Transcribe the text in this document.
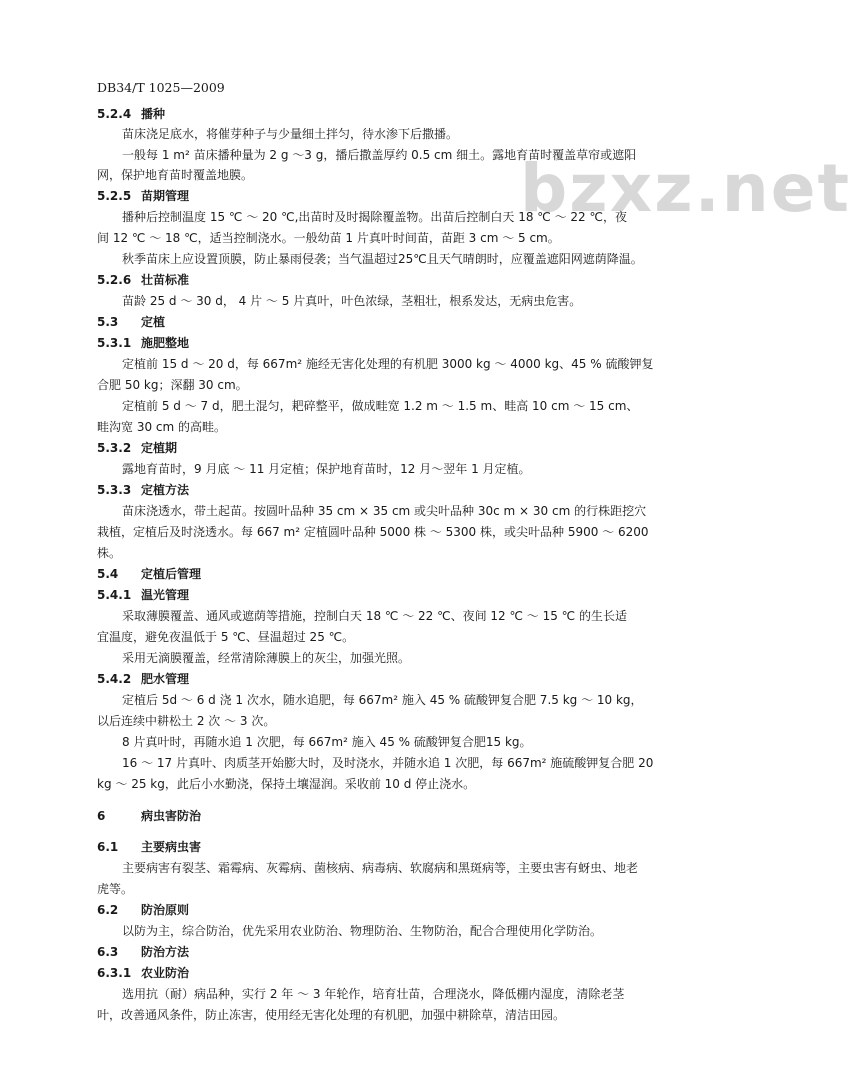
bzxz.net
DB34/T 1025—2009
5.2.4 播种
苗床浇足底水，将催芽种子与少量细土拌匀，待水渗下后撒播。
一般每 1 m² 苗床播种量为 2 g ～3 g，播后撒盖厚约 0.5 cm 细土。露地育苗时覆盖草帘或遮阳
网，保护地育苗时覆盖地膜。
5.2.5 苗期管理
播种后控制温度 15 ℃ ～ 20 ℃,出苗时及时揭除覆盖物。出苗后控制白天 18 ℃ ～ 22 ℃，夜
间 12 ℃ ～ 18 ℃，适当控制浇水。一般幼苗 1 片真叶时间苗，苗距 3 cm ～ 5 cm。
秋季苗床上应设置顶膜，防止暴雨侵袭；当气温超过25℃且天气晴朗时，应覆盖遮阳网遮荫降温。
5.2.6 壮苗标准
苗龄 25 d ～ 30 d， 4 片 ～ 5 片真叶，叶色浓绿，茎粗壮，根系发达，无病虫危害。
5.3 定植
5.3.1 施肥整地
定植前 15 d ～ 20 d，每 667m² 施经无害化处理的有机肥 3000 kg ～ 4000 kg、45 % 硫酸钾复
合肥 50 kg；深翻 30 cm。
定植前 5 d ～ 7 d，肥土混匀，耙碎整平，做成畦宽 1.2 m ～ 1.5 m、畦高 10 cm ～ 15 cm、
畦沟宽 30 cm 的高畦。
5.3.2 定植期
露地育苗时，9 月底 ～ 11 月定植；保护地育苗时，12 月～翌年 1 月定植。
5.3.3 定植方法
苗床浇透水，带土起苗。按圆叶品种 35 cm × 35 cm 或尖叶品种 30c m × 30 cm 的行株距挖穴
栽植，定植后及时浇透水。每 667 m² 定植圆叶品种 5000 株 ～ 5300 株，或尖叶品种 5900 ～ 6200
株。
5.4 定植后管理
5.4.1 温光管理
采取薄膜覆盖、通风或遮荫等措施，控制白天 18 ℃ ～ 22 ℃、夜间 12 ℃ ～ 15 ℃ 的生长适
宜温度，避免夜温低于 5 ℃、昼温超过 25 ℃。
采用无滴膜覆盖，经常清除薄膜上的灰尘，加强光照。
5.4.2 肥水管理
定植后 5d ～ 6 d 浇 1 次水，随水追肥，每 667m² 施入 45 % 硫酸钾复合肥 7.5 kg ～ 10 kg，
以后连续中耕松土 2 次 ～ 3 次。
8 片真叶时，再随水追 1 次肥，每 667m² 施入 45 % 硫酸钾复合肥15 kg。
16 ～ 17 片真叶、肉质茎开始膨大时，及时浇水，并随水追 1 次肥，每 667m² 施硫酸钾复合肥 20
kg ～ 25 kg，此后小水勤浇，保持土壤湿润。采收前 10 d 停止浇水。
6	病虫害防治
6.1 主要病虫害
主要病害有裂茎、霜霉病、灰霉病、菌核病、病毒病、软腐病和黑斑病等，主要虫害有蚜虫、地老
虎等。
6.2 防治原则
以防为主，综合防治，优先采用农业防治、物理防治、生物防治，配合合理使用化学防治。
6.3 防治方法
6.3.1 农业防治
选用抗（耐）病品种，实行 2 年 ～ 3 年轮作，培育壮苗，合理浇水，降低棚内湿度，清除老茎
叶，改善通风条件，防止冻害，使用经无害化处理的有机肥，加强中耕除草，清洁田园。
